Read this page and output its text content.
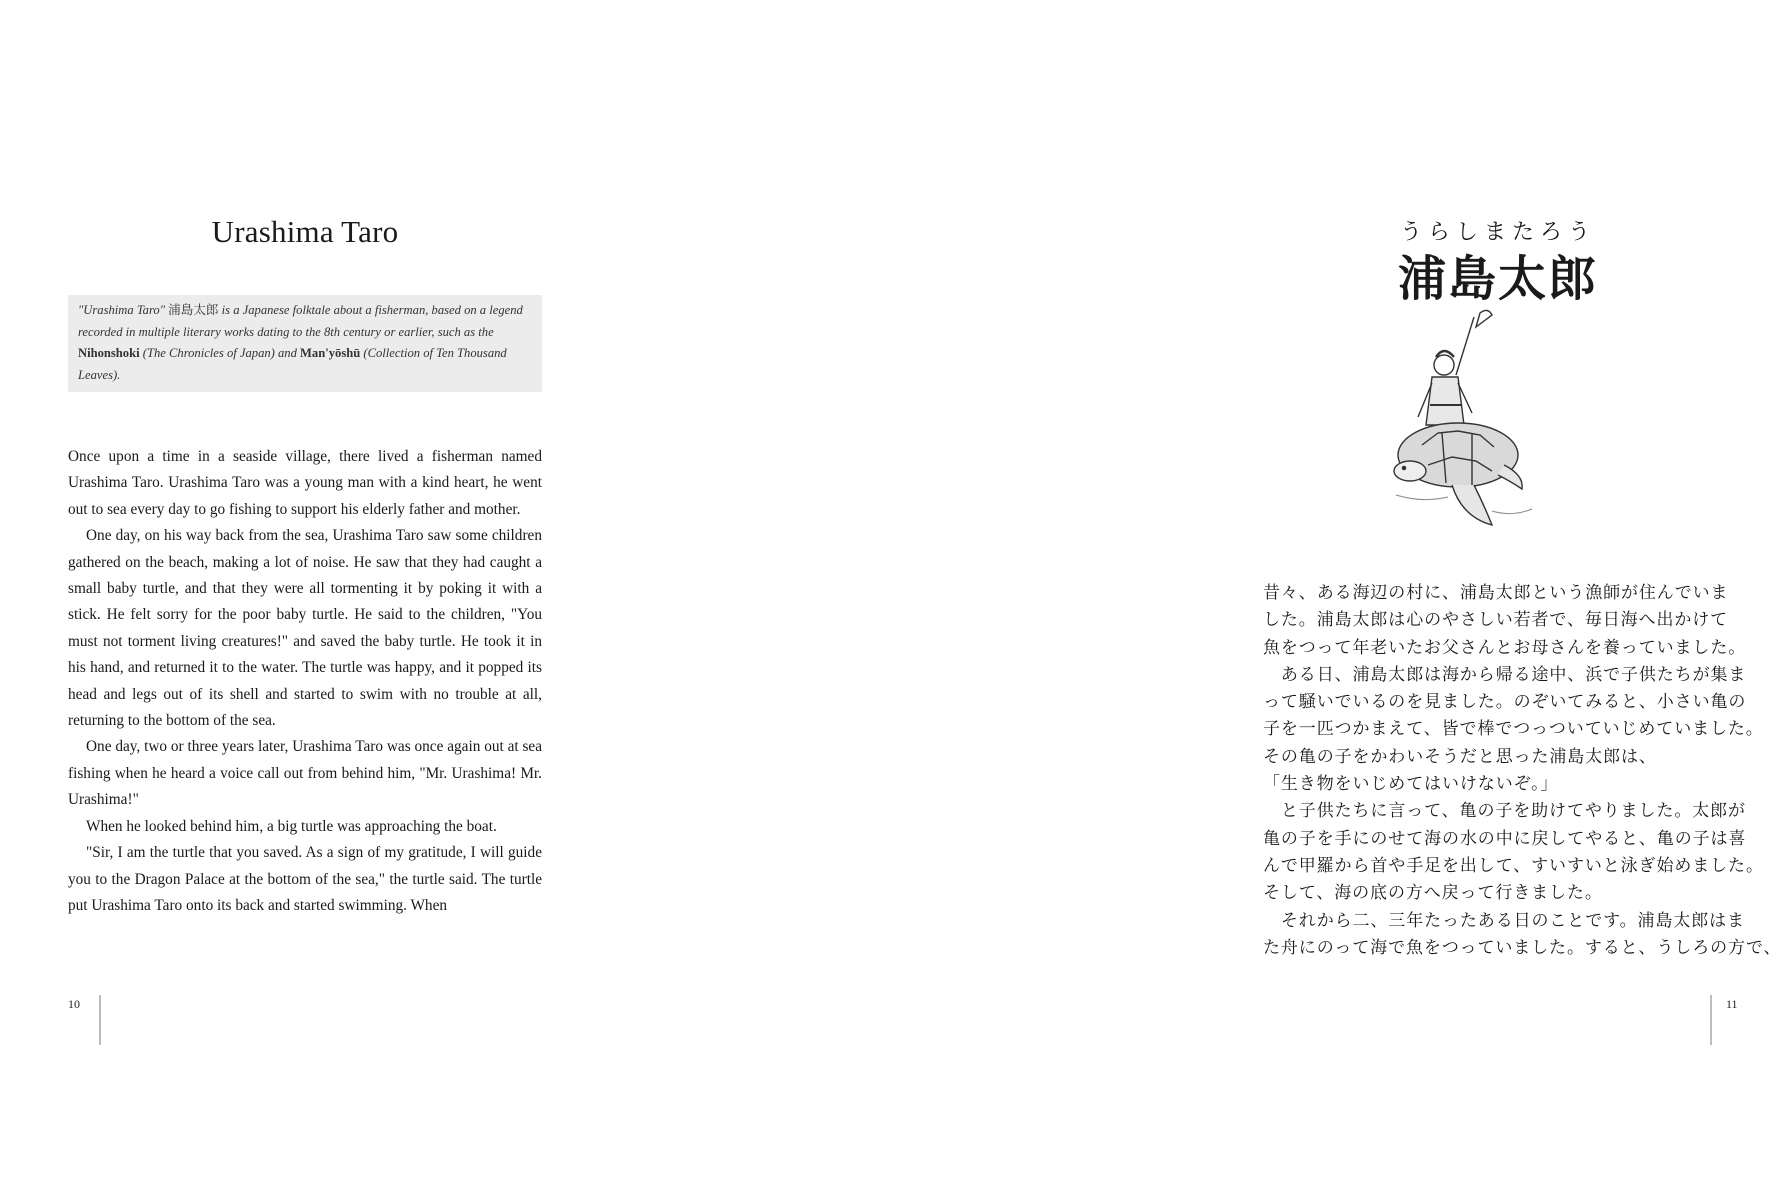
Urashima Taro
"Urashima Taro" 浦島太郎 is a Japanese folktale about a fisherman, based on a legend recorded in multiple literary works dating to the 8th century or earlier, such as the Nihonshoki (The Chronicles of Japan) and Man'yōshū (Collection of Ten Thousand Leaves).

Once upon a time in a seaside village, there lived a fisherman named Urashima Taro. Urashima Taro was a young man with a kind heart, he went out to sea every day to go fishing to support his elderly father and mother.

One day, on his way back from the sea, Urashima Taro saw some children gathered on the beach, making a lot of noise. He saw that they had caught a small baby turtle, and that they were all tormenting it by poking it with a stick. He felt sorry for the poor baby turtle. He said to the children, "You must not torment living creatures!" and saved the baby turtle. He took it in his hand, and returned it to the water. The turtle was happy, and it popped its head and legs out of its shell and started to swim with no trouble at all, returning to the bottom of the sea.

One day, two or three years later, Urashima Taro was once again out at sea fishing when he heard a voice call out from behind him, "Mr. Urashima! Mr. Urashima!"

When he looked behind him, a big turtle was approaching the boat.

"Sir, I am the turtle that you saved. As a sign of my gratitude, I will guide you to the Dragon Palace at the bottom of the sea," the turtle said. The turtle put Urashima Taro onto its back and started swimming. When

10
うらしまたろう
浦島太郎

昔々、ある海辺の村に、浦島太郎という漁師が住んでいま

した。浦島太郎は心のやさしい若者で、毎日海へ出かけて

魚をつって年老いたお父さんとお母さんを養っていました。

　ある日、浦島太郎は海から帰る途中、浜で子供たちが集ま

って騒いでいるのを見ました。のぞいてみると、小さい亀の

子を一匹つかまえて、皆で棒でつっついていじめていました。

その亀の子をかわいそうだと思った浦島太郎は、

「生き物をいじめてはいけないぞ。」

　と子供たちに言って、亀の子を助けてやりました。太郎が

亀の子を手にのせて海の水の中に戻してやると、亀の子は喜

んで甲羅から首や手足を出して、すいすいと泳ぎ始めました。

そして、海の底の方へ戻って行きました。

　それから二、三年たったある日のことです。浦島太郎はま

た舟にのって海で魚をつっていました。すると、うしろの方で、

11
